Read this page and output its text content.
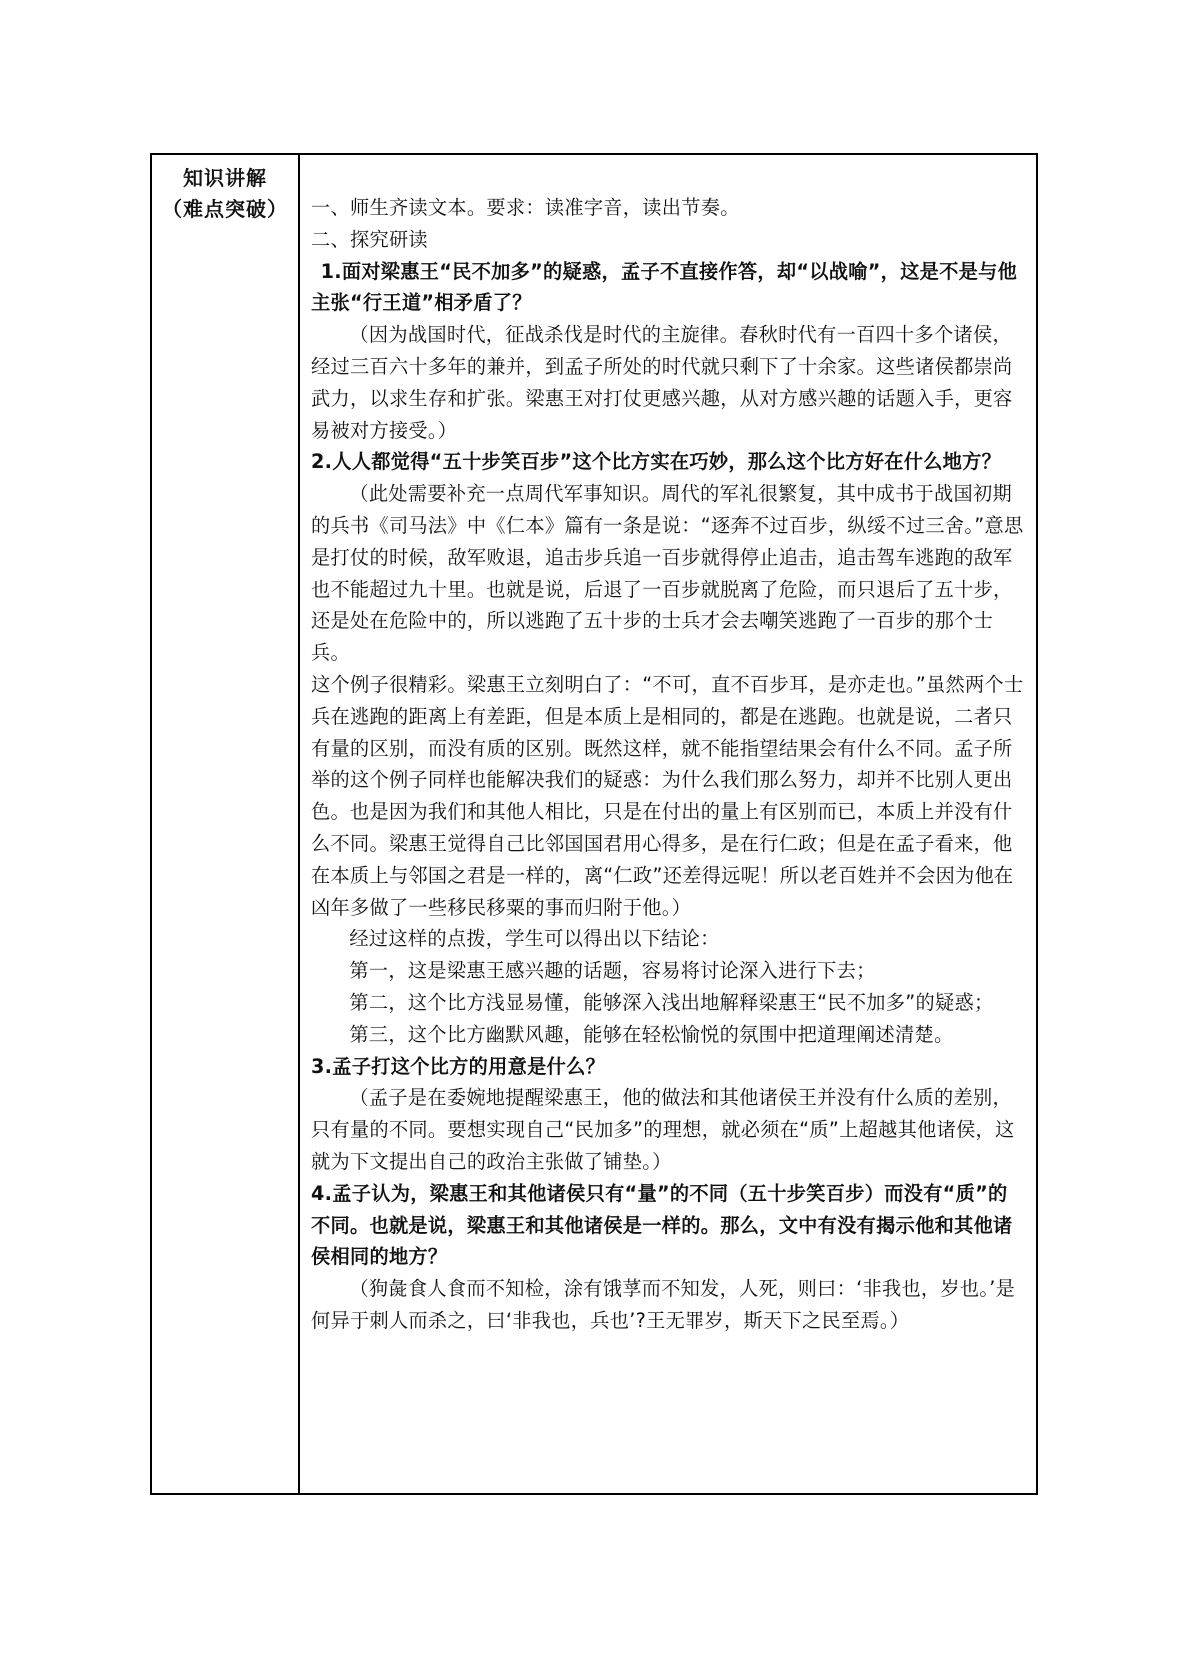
知识讲解
（难点突破）	一、师生齐读文本。要求：读准字音，读出节奏。

二、探究研读

1.面对梁惠王“民不加多”的疑惑，孟子不直接作答，却“以战喻”，这是不是与他主张“行王道”相矛盾了？

（因为战国时代，征战杀伐是时代的主旋律。春秋时代有一百四十多个诸侯，经过三百六十多年的兼并，到孟子所处的时代就只剩下了十余家。这些诸侯都崇尚武力，以求生存和扩张。梁惠王对打仗更感兴趣，从对方感兴趣的话题入手，更容易被对方接受。）

2.人人都觉得“五十步笑百步”这个比方实在巧妙，那么这个比方好在什么地方？

（此处需要补充一点周代军事知识。周代的军礼很繁复，其中成书于战国初期的兵书《司马法》中《仁本》篇有一条是说：“逐奔不过百步，纵绥不过三舍。”意思是打仗的时候，敌军败退，追击步兵追一百步就得停止追击，追击驾车逃跑的敌军也不能超过九十里。也就是说，后退了一百步就脱离了危险，而只退后了五十步，还是处在危险中的，所以逃跑了五十步的士兵才会去嘲笑逃跑了一百步的那个士兵。

这个例子很精彩。梁惠王立刻明白了：“不可，直不百步耳，是亦走也。”虽然两个士兵在逃跑的距离上有差距，但是本质上是相同的，都是在逃跑。也就是说，二者只有量的区别，而没有质的区别。既然这样，就不能指望结果会有什么不同。孟子所举的这个例子同样也能解决我们的疑惑：为什么我们那么努力，却并不比别人更出色。也是因为我们和其他人相比，只是在付出的量上有区别而已，本质上并没有什么不同。梁惠王觉得自己比邻国国君用心得多，是在行仁政；但是在孟子看来，他在本质上与邻国之君是一样的，离“仁政”还差得远呢！所以老百姓并不会因为他在凶年多做了一些移民移粟的事而归附于他。）

经过这样的点拨，学生可以得出以下结论：

第一，这是梁惠王感兴趣的话题，容易将讨论深入进行下去；

第二，这个比方浅显易懂，能够深入浅出地解释梁惠王“民不加多”的疑惑；

第三，这个比方幽默风趣，能够在轻松愉悦的氛围中把道理阐述清楚。

3.孟子打这个比方的用意是什么？

（孟子是在委婉地提醒梁惠王，他的做法和其他诸侯王并没有什么质的差别，只有量的不同。要想实现自己“民加多”的理想，就必须在“质”上超越其他诸侯，这就为下文提出自己的政治主张做了铺垫。）

4.孟子认为，梁惠王和其他诸侯只有“量”的不同（五十步笑百步）而没有“质”的不同。也就是说，梁惠王和其他诸侯是一样的。那么，文中有没有揭示他和其他诸侯相同的地方？

（狗彘食人食而不知检，涂有饿莩而不知发，人死，则曰：‘非我也，岁也。’是何异于刺人而杀之，曰‘非我也，兵也’?王无罪岁，斯天下之民至焉。）
